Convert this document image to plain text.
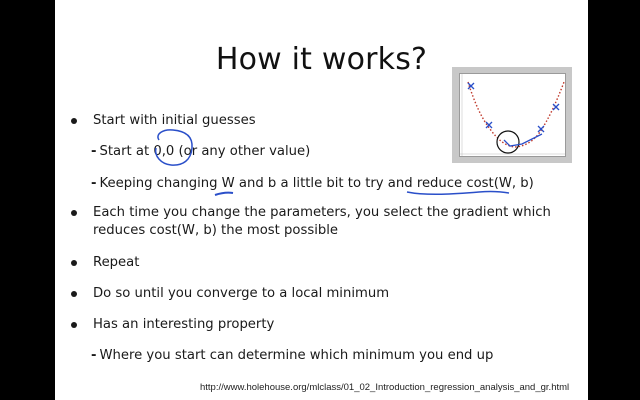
How it works?
Start with initial guesses
- Start at 0,0 (or any other value)
- Keeping changing W and b a little bit to try and reduce cost(W, b)
Each time you change the parameters, you select the gradient which
reduces cost(W, b) the most possible
Repeat
Do so until you converge to a local minimum
Has an interesting property
- Where you start can determine which minimum you end up
http://www.holehouse.org/mlclass/01_02_Introduction_regression_analysis_and_gr.html
